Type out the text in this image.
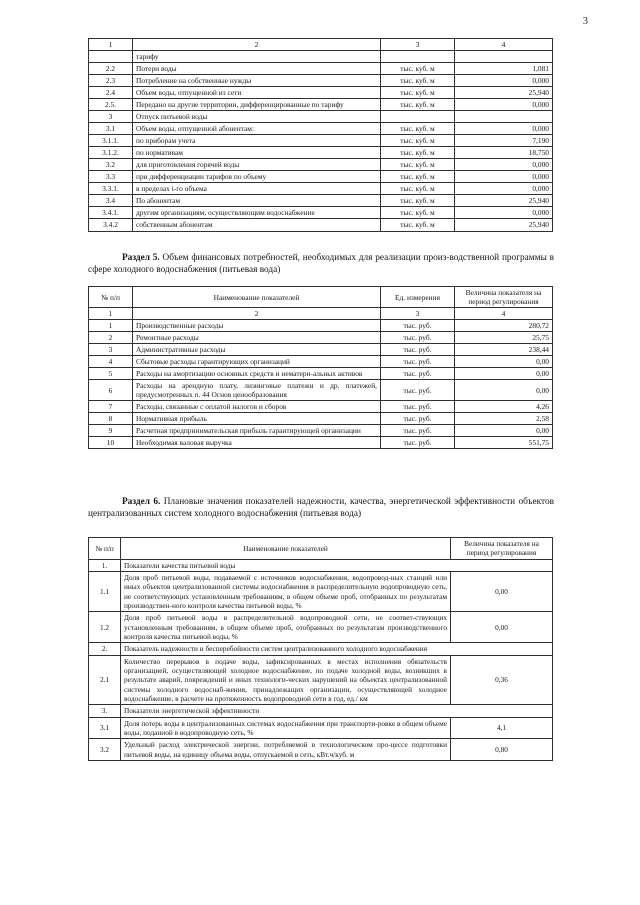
3
1	2	3	4
	тарифу		
2.2	Потери воды	тыс. куб. м	1,081
2.3	Потребление на собственные нужды	тыс. куб. м	0,000
2.4	Объем воды, отпущенной из сети	тыс. куб. м	25,940
2.5.	Передано на другие территории, дифференцированные по тарифу	тыс. куб. м	0,000
3	Отпуск питьевой воды		
3.1	Объем воды, отпущенной абонентам:	тыс. куб. м	0,000
3.1.1.	по приборам учета	тыс. куб. м	7,190
3.1.2.	по нормативам	тыс. куб. м	18,750
3.2	для приготовления горячей воды	тыс. куб. м	0,000
3.3	при дифференциации тарифов по объему	тыс. куб. м	0,000
3.3.1.	в пределах i-го объема	тыс. куб. м	0,000
3.4	По абонентам	тыс. куб. м	25,940
3.4.1.	другим организациям, осуществляющим водоснабжение	тыс. куб. м	0,000
3.4.2	собственным абонентам	тыс. куб. м	25,940
Раздел 5. Объем финансовых потребностей, необходимых для реализации произ-водственной программы в сфере холодного водоснабжения (питьевая вода)
№ п/п	Наименование показателей	Ед. измерения	Величина показателя на период регулирования
1	2	3	4
1	Производственные расходы	тыс. руб.	280,72
2	Ремонтные расходы	тыс. руб.	25,75
3	Административные расходы	тыс. руб.	238,44
4	Сбытовые расходы гарантирующих организаций	тыс. руб.	0,00
5	Расходы на амортизацию основных средств и нематери-альных активов	тыс. руб.	0,00
6	Расходы на арендную плату, лизинговые платежи и др. платежей, предусмотренных п. 44 Основ ценообразования	тыс. руб.	0,00
7	Расходы, связанные с оплатой налогов и сборов	тыс. руб.	4,26
8	Нормативная прибыль	тыс. руб.	2,58
9	Расчетная предпринимательская прибыль гарантирующей организации	тыс. руб.	0,00
10	Необходимая валовая выручка	тыс. руб.	551,75
Раздел 6. Плановые значения показателей надежности, качества, энергетической эффективности объектов централизованных систем холодного водоснабжения (питьевая вода)
№ п/п	Наименование показателей	Величина показателя на период регулирования
1.	Показатели качества питьевой воды	
1.1	Доля проб питьевой воды, подаваемой с источников водоснабжения, водопровод-ных станций или иных объектов централизованной системы водоснабжения в распределительную водопроводную сеть, не соответствующих установленным требованиям, в общем объеме проб, отобранных по результатам производствен-ного контроля качества питьевой воды, %	0,00
1.2	Доля проб питьевой воды в распределительной водопроводной сети, не соответ-ствующих установленным требованиям, в общем объеме проб, отобранных по результатам производственного контроля качества питьевой воды, %	0,00
2.	Показатель надежности и бесперебойности систем централизованного холодного водоснабжения	
2.1	Количество перерывов в подаче воды, зафиксированных в местах исполнения обязательств организацией, осуществляющей холодное водоснабжение, по подаче холодной воды, возникших в результате аварий, повреждений и иных технологи-ческих нарушений на объектах централизованной системы холодного водоснаб-жения, принадлежащих организации, осуществляющей холодное водоснабжение, в расчете на протяженность водопроводной сети в год, ед./ км	0,36
3.	Показатели энергетической эффективности	
3.1	Доля потерь воды в централизованных системах водоснабжения при транспорти-ровке в общем объеме воды, поданной в водопроводную сеть, %	4,1
3.2	Удельный расход электрической энергии, потребляемой в технологическом про-цессе подготовки питьевой воды, на единицу объема воды, отпускаемой в сеть, кВт.ч/куб. м	0,80
